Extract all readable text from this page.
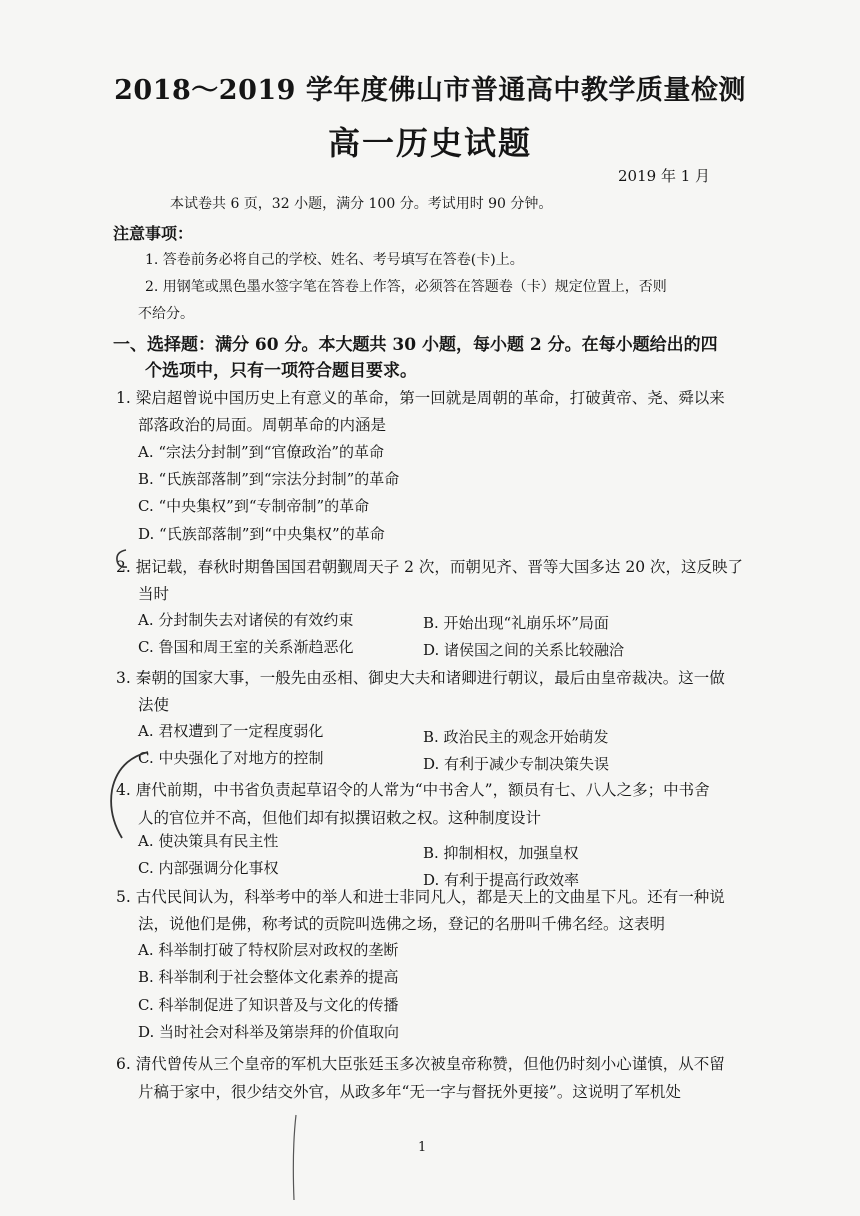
2018～2019 学年度佛山市普通高中教学质量检测
高一历史试题
2019 年 1 月
本试卷共 6 页，32 小题，满分 100 分。考试用时 90 分钟。
注意事项：
1. 答卷前务必将自己的学校、姓名、考号填写在答卷(卡)上。
2. 用钢笔或黑色墨水签字笔在答卷上作答，必须答在答题卷（卡）规定位置上，否则
不给分。
一、选择题：满分 60 分。本大题共 30 小题，每小题 2 分。在每小题给出的四
个选项中，只有一项符合题目要求。
1. 梁启超曾说中国历史上有意义的革命，第一回就是周朝的革命，打破黄帝、尧、舜以来
部落政治的局面。周朝革命的内涵是
A. “宗法分封制”到“官僚政治”的革命
B. “氏族部落制”到“宗法分封制”的革命
C. “中央集权”到“专制帝制”的革命
D. “氏族部落制”到“中央集权”的革命
2. 据记载，春秋时期鲁国国君朝觐周天子 2 次，而朝见齐、晋等大国多达 20 次，这反映了
当时
A. 分封制失去对诸侯的有效约束	B. 开始出现“礼崩乐坏”局面
C. 鲁国和周王室的关系渐趋恶化	D. 诸侯国之间的关系比较融洽
3. 秦朝的国家大事，一般先由丞相、御史大夫和诸卿进行朝议，最后由皇帝裁决。这一做
法使
A. 君权遭到了一定程度弱化	B. 政治民主的观念开始萌发
C. 中央强化了对地方的控制	D. 有利于减少专制决策失误
4. 唐代前期，中书省负责起草诏令的人常为“中书舍人”，额员有七、八人之多；中书舍
人的官位并不高，但他们却有拟撰诏敕之权。这种制度设计
A. 使决策具有民主性
B. 抑制相权，加强皇权
C. 内部强调分化事权
D. 有利于提高行政效率
5. 古代民间认为，科举考中的举人和进士非同凡人，都是天上的文曲星下凡。还有一种说
法，说他们是佛，称考试的贡院叫选佛之场，登记的名册叫千佛名经。这表明
A. 科举制打破了特权阶层对政权的垄断
B. 科举制利于社会整体文化素养的提高
C. 科举制促进了知识普及与文化的传播
D. 当时社会对科举及第崇拜的价值取向
6. 清代曾传从三个皇帝的军机大臣张廷玉多次被皇帝称赞，但他仍时刻小心谨慎，从不留
片稿于家中，很少结交外官，从政多年“无一字与督抚外更接”。这说明了军机处
1
